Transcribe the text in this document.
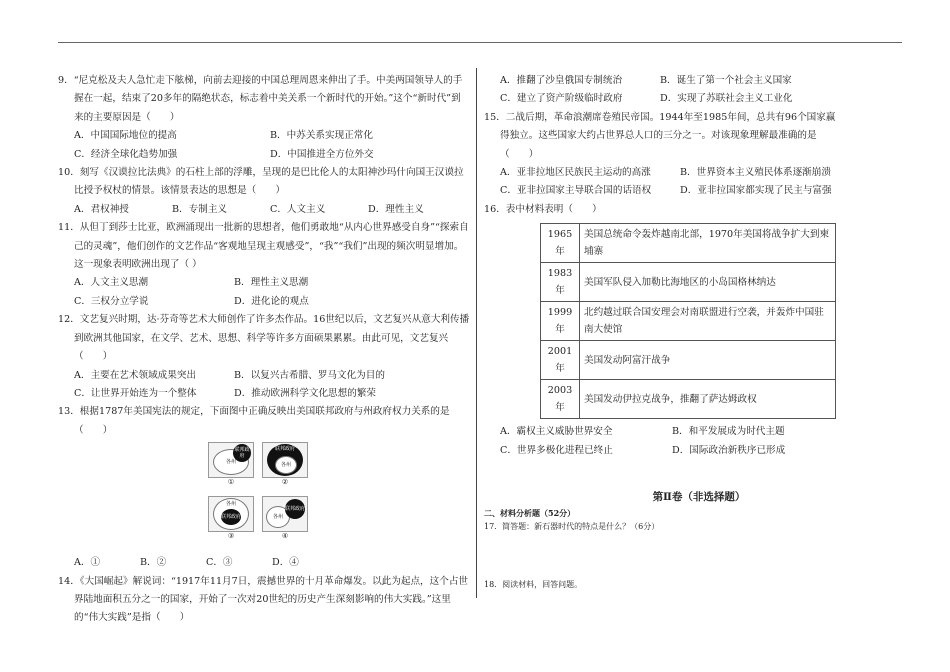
9．“尼克松及夫人急忙走下舷梯，向前去迎接的中国总理周恩来伸出了手。中美两国领导人的手握在一起，结束了20多年的隔绝状态，标志着中美关系一个新时代的开始。”这个“新时代”到来的主要原因是（　　）
A．中国国际地位的提高	B．中苏关系实现正常化
C．经济全球化趋势加强	D．中国推进全方位外交
10．刻写《汉谟拉比法典》的石柱上部的浮雕，呈现的是巴比伦人的太阳神沙玛什向国王汉谟拉比授予权杖的情景。该情景表达的思想是（　　）
A．君权神授	B．专制主义	C．人文主义	D．理性主义
11．从但丁到莎士比亚，欧洲涌现出一批新的思想者，他们勇敢地“从内心世界感受自身”“探索自己的灵魂”，他们创作的文艺作品“客观地呈现主观感受”，“我”“我们”出现的频次明显增加。这一现象表明欧洲出现了（ ）
A．人文主义思潮	B．理性主义思潮
C．三权分立学说	D．进化论的观点
12．文艺复兴时期，达·芬奇等艺术大师创作了许多杰作品。16世纪以后，文艺复兴从意大利传播到欧洲其他国家，在文学、艺术、思想、科学等许多方面硕果累累。由此可见，文艺复兴（　　）
A．主要在艺术领域成果突出	B．以复兴古希腊、罗马文化为目的
C．让世界开始连为一个整体	D．推动欧洲科学文化思想的繁荣
13．根据1787年美国宪法的规定，下面图中正确反映出美国联邦政府与州政府权力关系的是（　　）
各州
联邦政府
①
联邦政府
各州
②
各州
联邦政府
③
各州
联邦政府
④
A．①	B．②	C．③	D．④
14．《大国崛起》解说词：“1917年11月7日，震撼世界的十月革命爆发。以此为起点，这个占世界陆地面积五分之一的国家，开始了一次对20世纪的历史产生深刻影响的伟大实践。”这里的“伟大实践”是指（　　）
A．推翻了沙皇俄国专制统治	B．诞生了第一个社会主义国家
C．建立了资产阶级临时政府	D．实现了苏联社会主义工业化
15．二战后期，革命浪潮席卷殖民帝国。1944年至1985年间，总共有96个国家赢得独立。这些国家大约占世界总人口的三分之一。对该现象理解最准确的是（　　）
A．亚非拉地区民族民主运动的高涨	B．世界资本主义殖民体系逐渐崩溃
C．亚非拉国家主导联合国的话语权	D．亚非拉国家都实现了民主与富强
16．表中材料表明（　　）
1965年	美国总统命令轰炸越南北部，1970年美国将战争扩大到柬埔寨
1983年	美国军队侵入加勒比海地区的小岛国格林纳达
1999年	北约越过联合国安理会对南联盟进行空袭，并轰炸中国驻南大使馆
2001年	美国发动阿富汗战争
2003年	美国发动伊拉克战争，推翻了萨达姆政权
A．霸权主义威胁世界安全	B．和平发展成为时代主题
C．世界多极化进程已终止	D．国际政治新秩序已形成
第Ⅱ卷（非选择题）
二、材料分析题（52分）
17．简答题：新石器时代的特点是什么？（6分）
18．阅读材料，回答问题。
